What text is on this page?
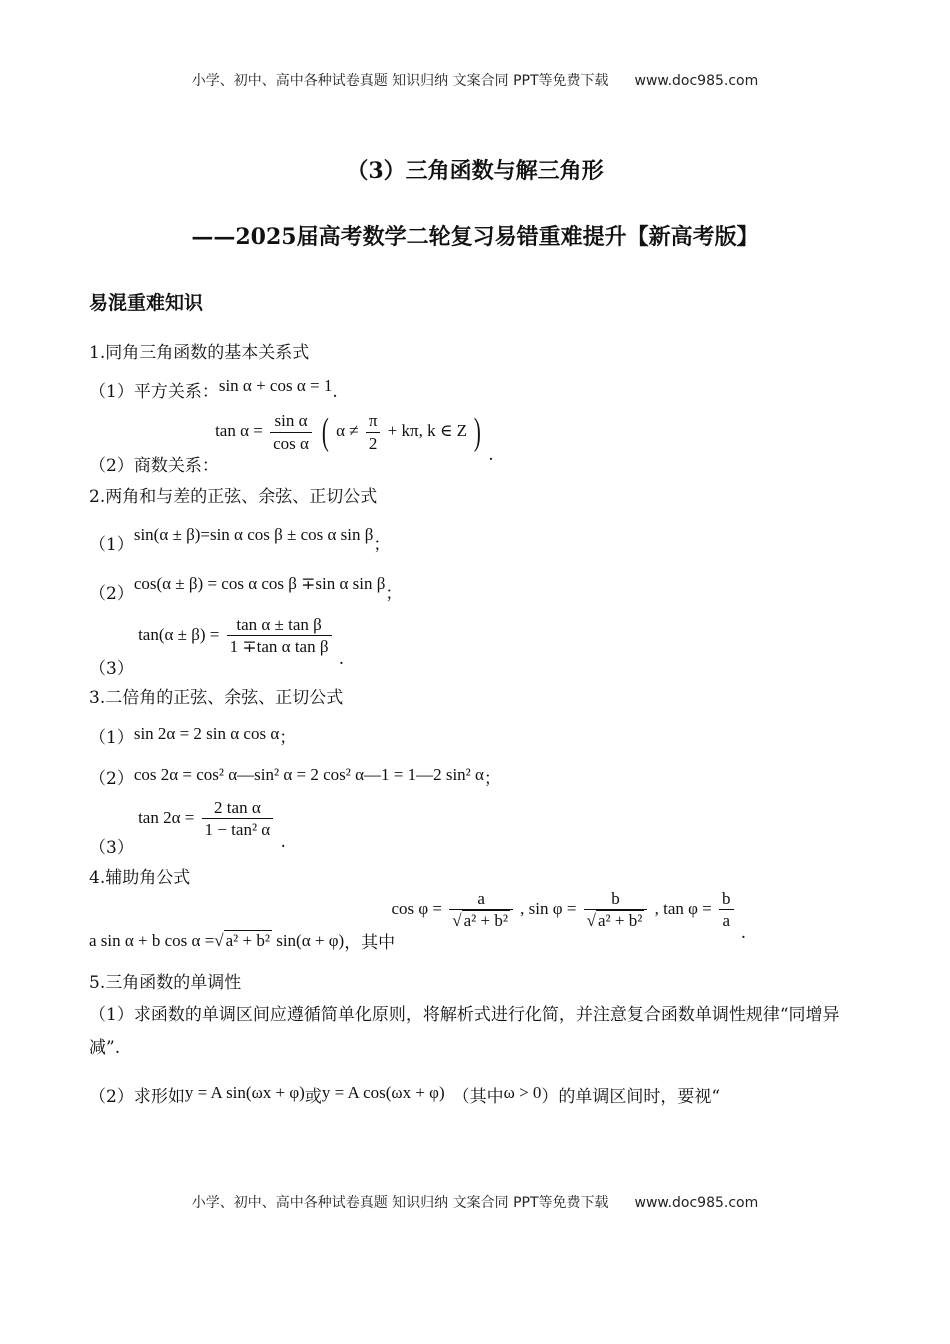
小学、初中、高中各种试卷真题 知识归纳 文案合同 PPT等免费下载 www.doc985.com
（3）三角函数与解三角形
——2025届高考数学二轮复习易错重难提升【新高考版】
易混重难知识
1.同角三角函数的基本关系式
（1）平方关系：sin α + cos α = 1.
（2）商数关系： $\tan \alpha = \frac{\text{sin α}}{\text{cos α}}$ ( $\alpha \ne \frac{\pi}{2} + k\pi$, k ∈ Z ) .
2.两角和与差的正弦、余弦、正切公式
（1）sin(α ± β)=sin α cos β ± cos α sin β；
（2）cos(α ± β) = cos α cos β ∓sin α sin β；
（3） $\tan(\alpha \pm \beta) = \frac{\text{tan α ± tan β}}{\text{1 ∓tan α tan β}}$
.
3.二倍角的正弦、余弦、正切公式
（1）sin 2α = 2 sin α cos α；
（2）cos 2α = cos² α—sin² α = 2 cos² α—1 = 1—2 sin² α；
（3） $\tan 2\alpha = \frac{\text{2 tan α}}{\text{1 − tan² α}}$
.
4.辅助角公式
a sin α + b cos α =√ a² + b² sin(α + φ)，其中 $\cos \varphi = \frac{a}{\text{√ a² + b²}}$ , $\sin \varphi = \frac{b}{\text{√ a² + b²}}$ , $\tan \varphi = \frac{b}{a}$
.
5.三角函数的单调性
（1）求函数的单调区间应遵循简单化原则，将解析式进行化简，并注意复合函数单调性规律“同增异减”.
（2）求形如y = A sin(ωx + φ)或y = A cos(ωx + φ) （其中ω > 0）的单调区间时，要视“
小学、初中、高中各种试卷真题 知识归纳 文案合同 PPT等免费下载 www.doc985.com
